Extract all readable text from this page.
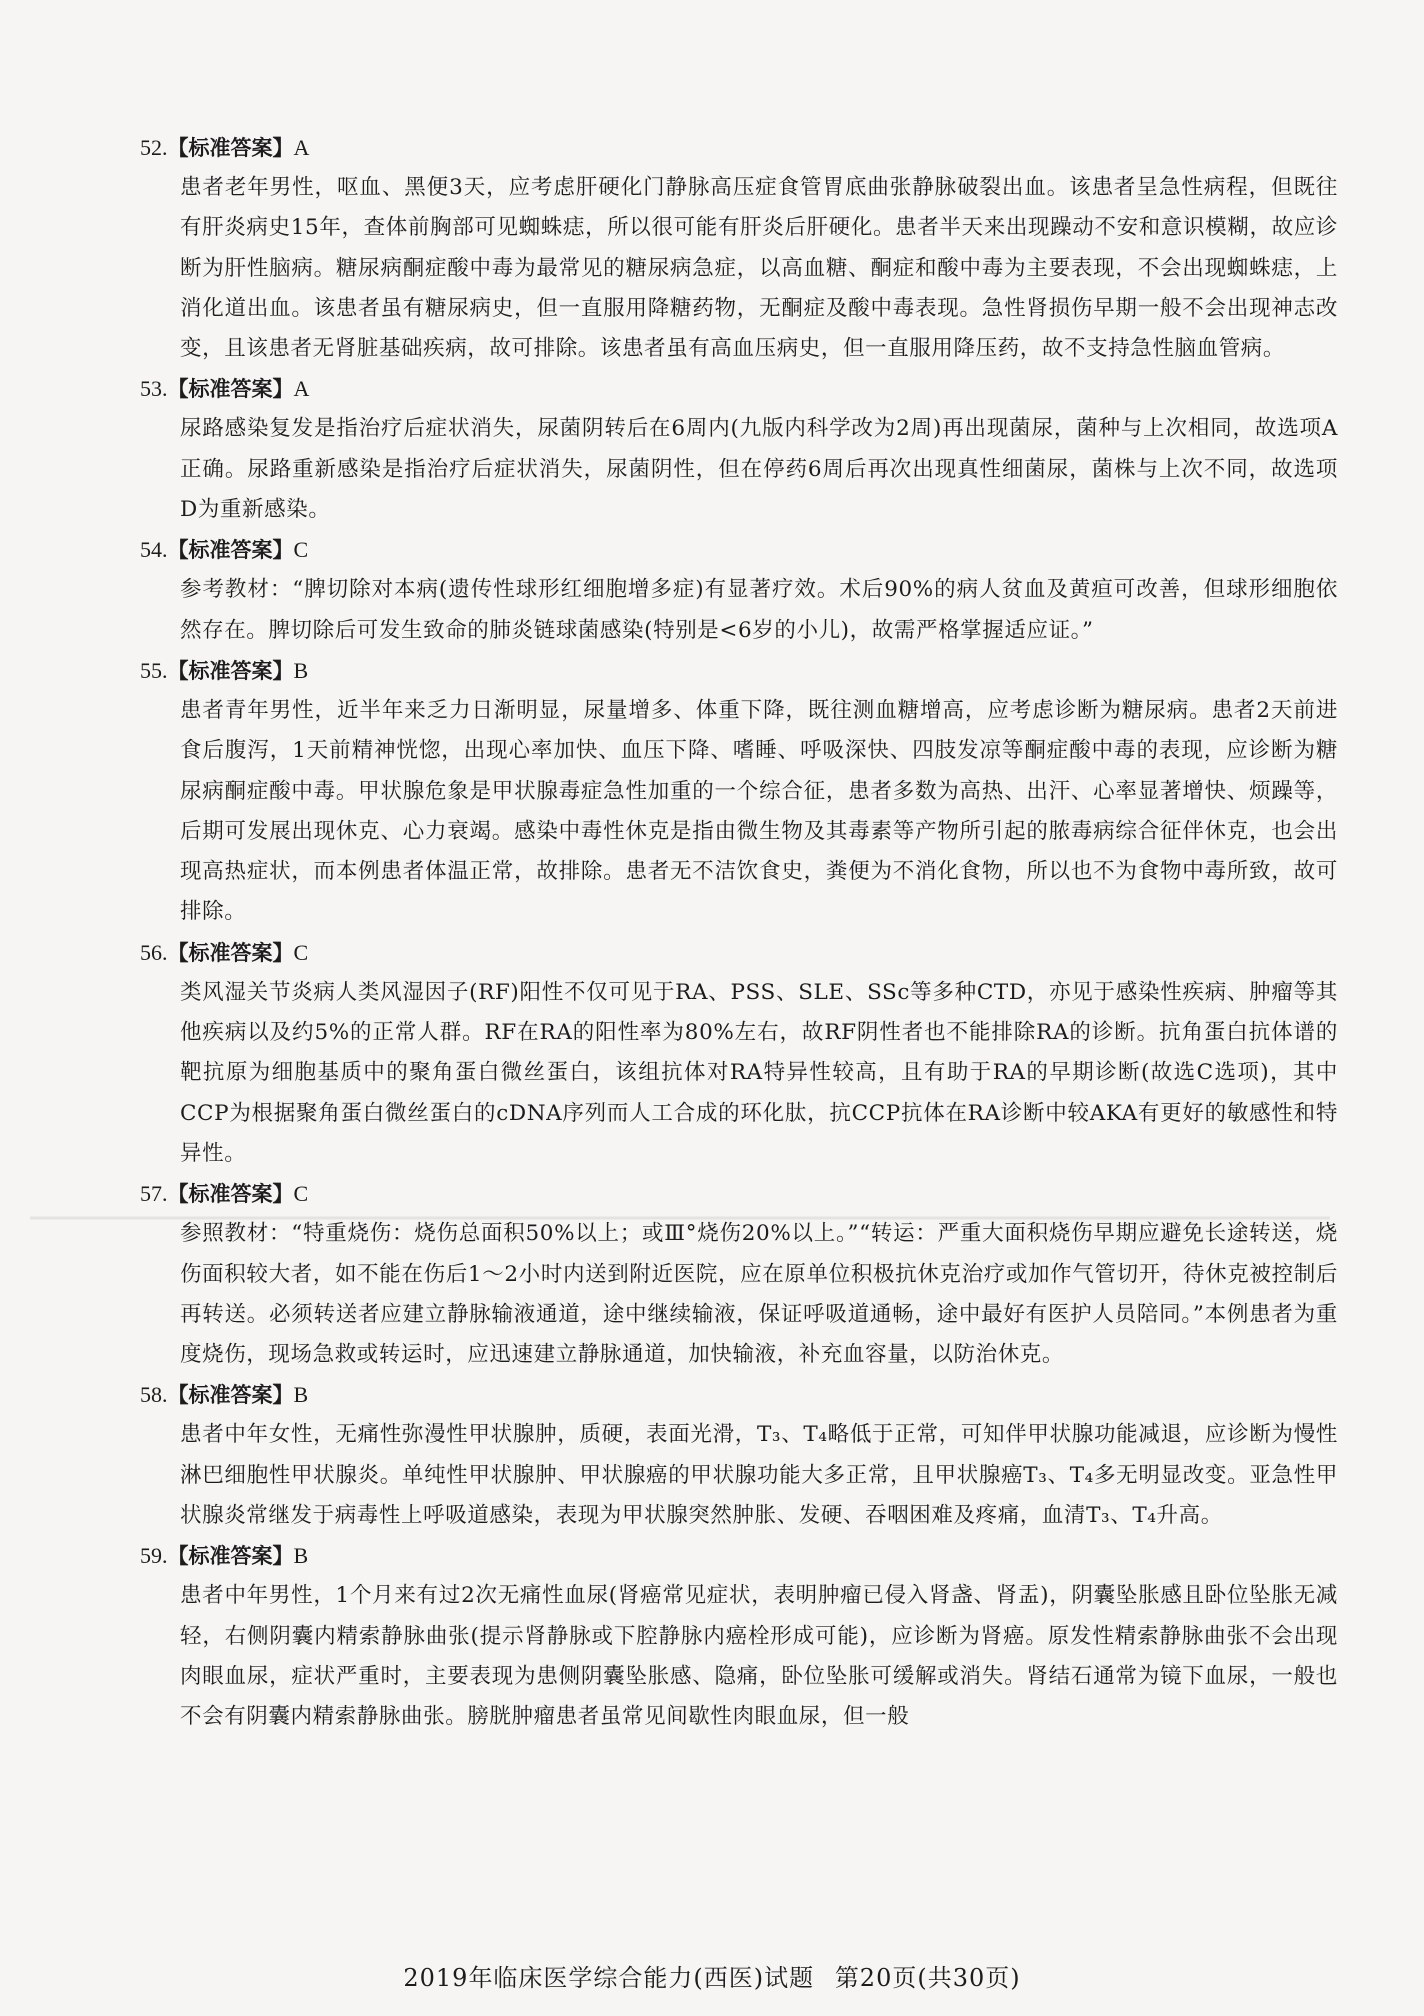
52.【标准答案】A
患者老年男性，呕血、黑便3天，应考虑肝硬化门静脉高压症食管胃底曲张静脉破裂出血。该患者呈急性病程，但既往有肝炎病史15年，查体前胸部可见蜘蛛痣，所以很可能有肝炎后肝硬化。患者半天来出现躁动不安和意识模糊，故应诊断为肝性脑病。糖尿病酮症酸中毒为最常见的糖尿病急症，以高血糖、酮症和酸中毒为主要表现，不会出现蜘蛛痣，上消化道出血。该患者虽有糖尿病史，但一直服用降糖药物，无酮症及酸中毒表现。急性肾损伤早期一般不会出现神志改变，且该患者无肾脏基础疾病，故可排除。该患者虽有高血压病史，但一直服用降压药，故不支持急性脑血管病。
53.【标准答案】A
尿路感染复发是指治疗后症状消失，尿菌阴转后在6周内(九版内科学改为2周)再出现菌尿，菌种与上次相同，故选项A正确。尿路重新感染是指治疗后症状消失，尿菌阴性，但在停药6周后再次出现真性细菌尿，菌株与上次不同，故选项D为重新感染。
54.【标准答案】C
参考教材：“脾切除对本病(遗传性球形红细胞增多症)有显著疗效。术后90%的病人贫血及黄疸可改善，但球形细胞依然存在。脾切除后可发生致命的肺炎链球菌感染(特别是<6岁的小儿)，故需严格掌握适应证。”
55.【标准答案】B
患者青年男性，近半年来乏力日渐明显，尿量增多、体重下降，既往测血糖增高，应考虑诊断为糖尿病。患者2天前进食后腹泻，1天前精神恍惚，出现心率加快、血压下降、嗜睡、呼吸深快、四肢发凉等酮症酸中毒的表现，应诊断为糖尿病酮症酸中毒。甲状腺危象是甲状腺毒症急性加重的一个综合征，患者多数为高热、出汗、心率显著增快、烦躁等，后期可发展出现休克、心力衰竭。感染中毒性休克是指由微生物及其毒素等产物所引起的脓毒病综合征伴休克，也会出现高热症状，而本例患者体温正常，故排除。患者无不洁饮食史，粪便为不消化食物，所以也不为食物中毒所致，故可排除。
56.【标准答案】C
类风湿关节炎病人类风湿因子(RF)阳性不仅可见于RA、PSS、SLE、SSc等多种CTD，亦见于感染性疾病、肿瘤等其他疾病以及约5%的正常人群。RF在RA的阳性率为80%左右，故RF阴性者也不能排除RA的诊断。抗角蛋白抗体谱的靶抗原为细胞基质中的聚角蛋白微丝蛋白，该组抗体对RA特异性较高，且有助于RA的早期诊断(故选C选项)，其中CCP为根据聚角蛋白微丝蛋白的cDNA序列而人工合成的环化肽，抗CCP抗体在RA诊断中较AKA有更好的敏感性和特异性。
57.【标准答案】C
参照教材：“特重烧伤：烧伤总面积50%以上；或Ⅲ°烧伤20%以上。”“转运：严重大面积烧伤早期应避免长途转送，烧伤面积较大者，如不能在伤后1～2小时内送到附近医院，应在原单位积极抗休克治疗或加作气管切开，待休克被控制后再转送。必须转送者应建立静脉输液通道，途中继续输液，保证呼吸道通畅，途中最好有医护人员陪同。”本例患者为重度烧伤，现场急救或转运时，应迅速建立静脉通道，加快输液，补充血容量，以防治休克。
58.【标准答案】B
患者中年女性，无痛性弥漫性甲状腺肿，质硬，表面光滑，T₃、T₄略低于正常，可知伴甲状腺功能减退，应诊断为慢性淋巴细胞性甲状腺炎。单纯性甲状腺肿、甲状腺癌的甲状腺功能大多正常，且甲状腺癌T₃、T₄多无明显改变。亚急性甲状腺炎常继发于病毒性上呼吸道感染，表现为甲状腺突然肿胀、发硬、吞咽困难及疼痛，血清T₃、T₄升高。
59.【标准答案】B
患者中年男性，1个月来有过2次无痛性血尿(肾癌常见症状，表明肿瘤已侵入肾盏、肾盂)，阴囊坠胀感且卧位坠胀无减轻，右侧阴囊内精索静脉曲张(提示肾静脉或下腔静脉内癌栓形成可能)，应诊断为肾癌。原发性精索静脉曲张不会出现肉眼血尿，症状严重时，主要表现为患侧阴囊坠胀感、隐痛，卧位坠胀可缓解或消失。肾结石通常为镜下血尿，一般也不会有阴囊内精索静脉曲张。膀胱肿瘤患者虽常见间歇性肉眼血尿，但一般
2019年临床医学综合能力(西医)试题 第20页(共30页)
